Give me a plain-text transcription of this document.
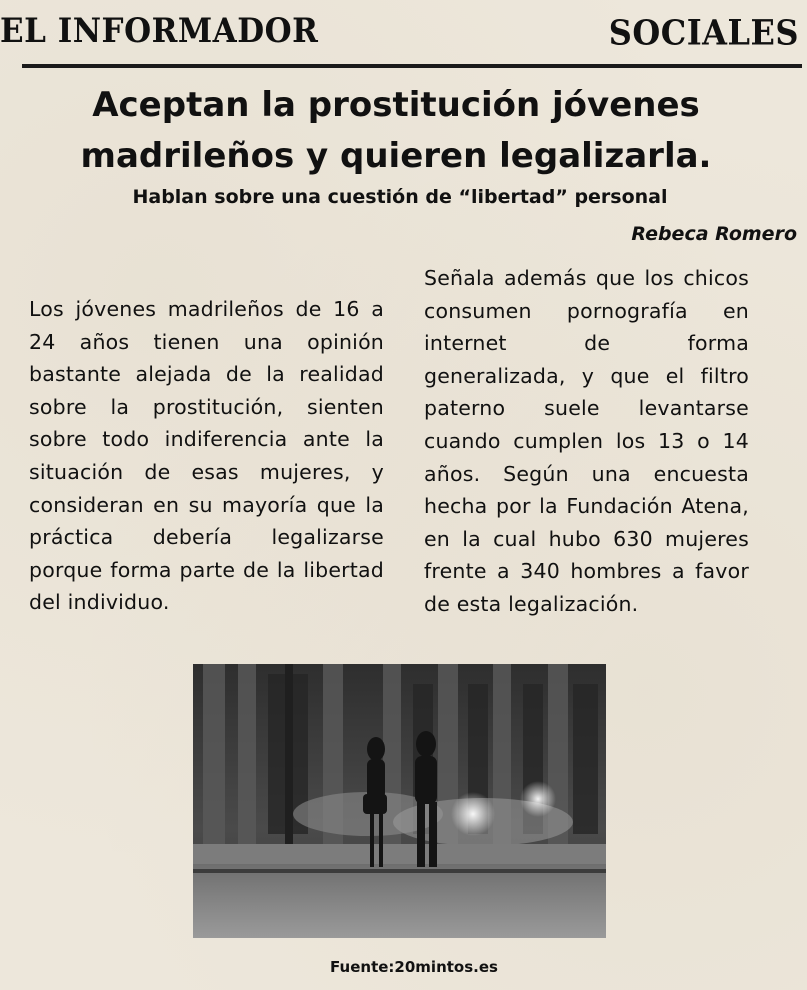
EL INFORMADOR	SOCIALES
Aceptan la prostitución jóvenes
madrileños y quieren legalizarla.
Hablan sobre una cuestión de “libertad” personal
Rebeca Romero
Los jóvenes madrileños de 16 a 24 años tienen una opinión bastante alejada de la realidad sobre la prostitución, sienten sobre todo indiferencia ante la situación de esas mujeres, y consideran en su mayoría que la práctica debería legalizarse porque forma parte de la libertad del individuo.
Señala además que los chicos consumen pornografía en internet de forma generalizada, y que el filtro paterno suele levantarse cuando cumplen los 13 o 14 años. Según una encuesta hecha por la Fundación Atena, en la cual hubo 630 mujeres frente a 340 hombres a favor de esta legalización.
Fuente:20mintos.es
